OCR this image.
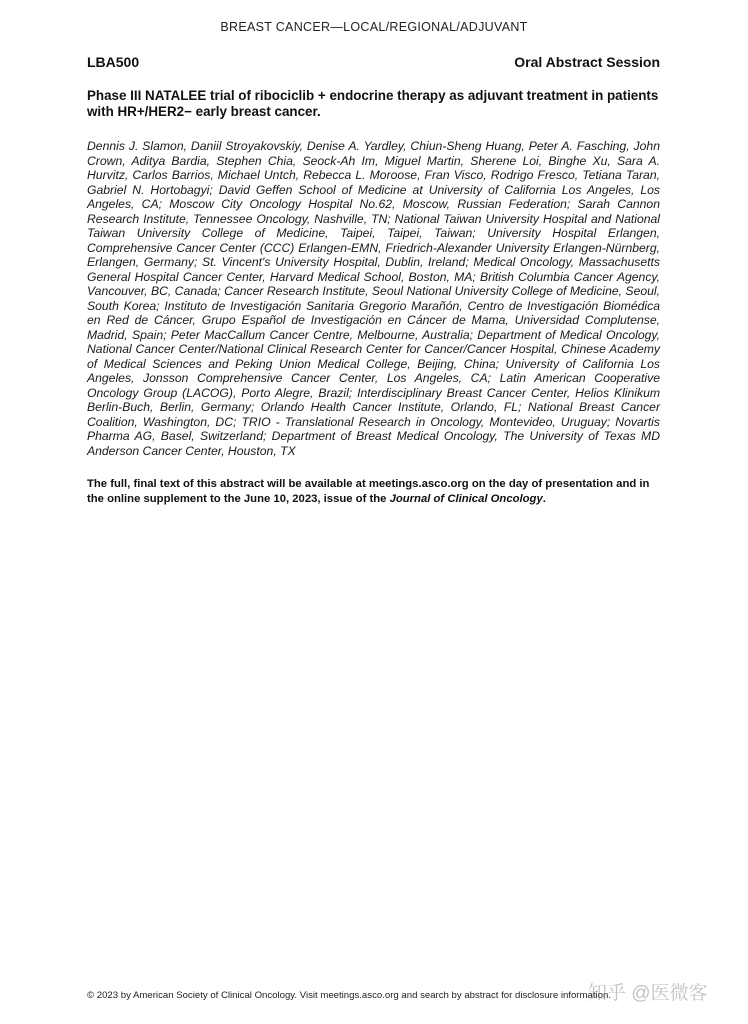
BREAST CANCER—LOCAL/REGIONAL/ADJUVANT
LBA500	Oral Abstract Session

Phase III NATALEE trial of ribociclib + endocrine therapy as adjuvant treatment in patients with HR+/HER2− early breast cancer.

Dennis J. Slamon, Daniil Stroyakovskiy, Denise A. Yardley, Chiun-Sheng Huang, Peter A. Fasching, John Crown, Aditya Bardia, Stephen Chia, Seock-Ah Im, Miguel Martin, Sherene Loi, Binghe Xu, Sara A. Hurvitz, Carlos Barrios, Michael Untch, Rebecca L. Moroose, Fran Visco, Rodrigo Fresco, Tetiana Taran, Gabriel N. Hortobagyi; David Geffen School of Medicine at University of California Los Angeles, Los Angeles, CA; Moscow City Oncology Hospital No.62, Moscow, Russian Federation; Sarah Cannon Research Institute, Tennessee Oncology, Nashville, TN; National Taiwan University Hospital and National Taiwan University College of Medicine, Taipei, Taipei, Taiwan; University Hospital Erlangen, Comprehensive Cancer Center (CCC) Erlangen-EMN, Friedrich-Alexander University Erlangen-Nürnberg, Erlangen, Germany; St. Vincent's University Hospital, Dublin, Ireland; Medical Oncology, Massachusetts General Hospital Cancer Center, Harvard Medical School, Boston, MA; British Columbia Cancer Agency, Vancouver, BC, Canada; Cancer Research Institute, Seoul National University College of Medicine, Seoul, South Korea; Instituto de Investigación Sanitaria Gregorio Marañón, Centro de Investigación Biomédica en Red de Cáncer, Grupo Español de Investigación en Cáncer de Mama, Universidad Complutense, Madrid, Spain; Peter MacCallum Cancer Centre, Melbourne, Australia; Department of Medical Oncology, National Cancer Center/National Clinical Research Center for Cancer/Cancer Hospital, Chinese Academy of Medical Sciences and Peking Union Medical College, Beijing, China; University of California Los Angeles, Jonsson Comprehensive Cancer Center, Los Angeles, CA; Latin American Cooperative Oncology Group (LACOG), Porto Alegre, Brazil; Interdisciplinary Breast Cancer Center, Helios Klinikum Berlin-Buch, Berlin, Germany; Orlando Health Cancer Institute, Orlando, FL; National Breast Cancer Coalition, Washington, DC; TRIO - Translational Research in Oncology, Montevideo, Uruguay; Novartis Pharma AG, Basel, Switzerland; Department of Breast Medical Oncology, The University of Texas MD Anderson Cancer Center, Houston, TX

The full, final text of this abstract will be available at meetings.asco.org on the day of presentation and in the online supplement to the June 10, 2023, issue of the Journal of Clinical Oncology.

© 2023 by American Society of Clinical Oncology. Visit meetings.asco.org and search by abstract for disclosure information.
知乎 @医微客
